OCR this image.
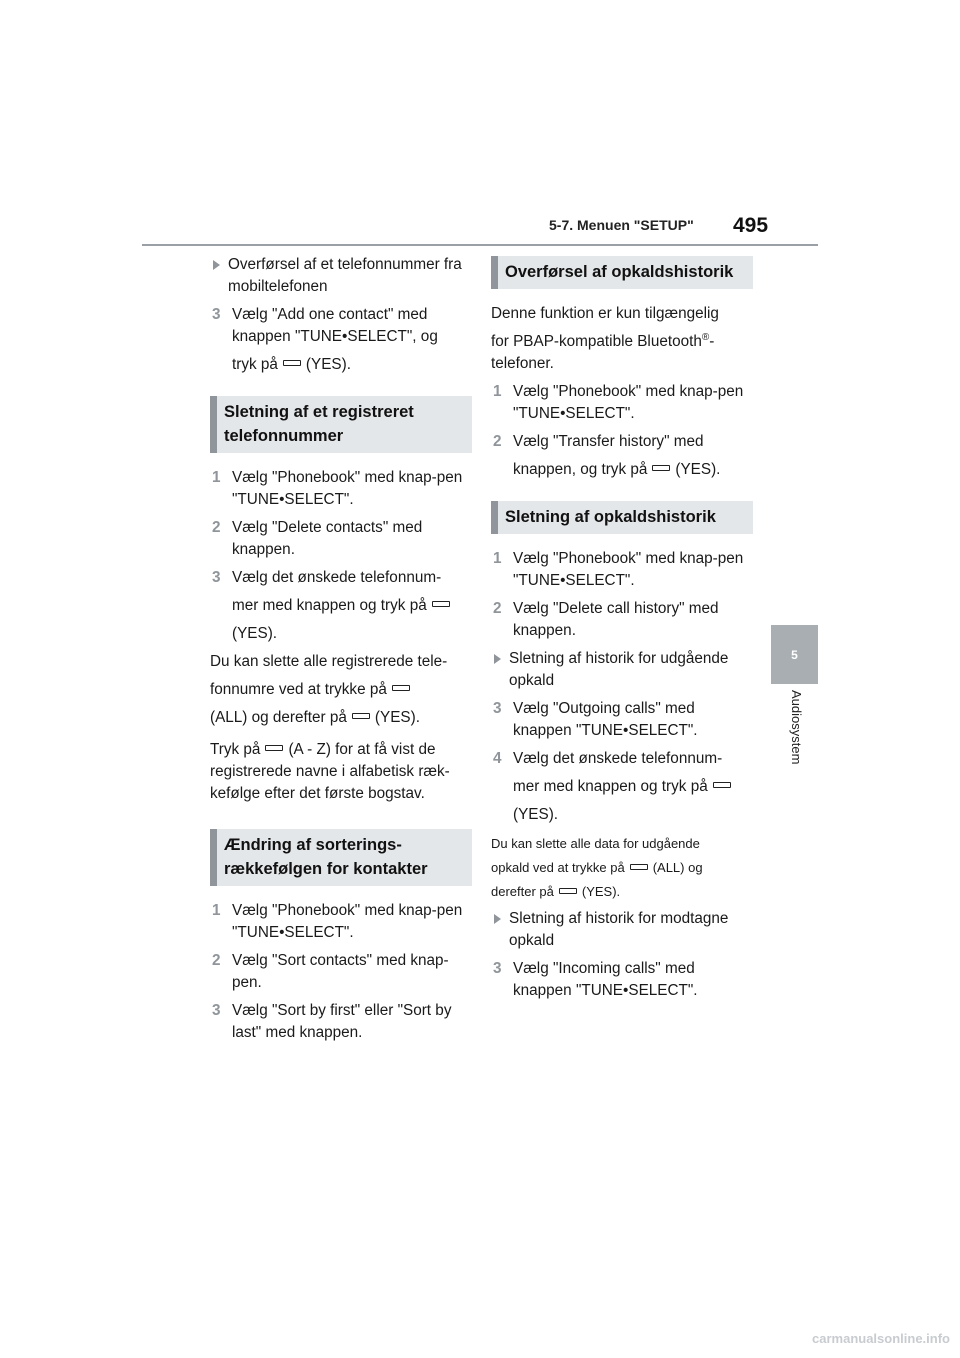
5-7. Menuen "SETUP" 495
5
Audiosystem
Overførsel af et telefonnummer fra mobiltelefonen
3 Vælg "Add one contact" med knappen "TUNE•SELECT", og
tryk på (YES).
Sletning af et registreret telefonnummer
1 Vælg "Phonebook" med knap-pen "TUNE•SELECT".
2 Vælg "Delete contacts" med knappen.
3 Vælg det ønskede telefonnum-
mer med knappen og tryk på
(YES).
Du kan slette alle registrerede tele-
fonnumre ved at trykke på
(ALL) og derefter på (YES).
Tryk på (A - Z) for at få vist de
registrerede navne i alfabetisk ræk-kefølge efter det første bogstav.
Ændring af sorterings-rækkefølgen for kontakter
1 Vælg "Phonebook" med knap-pen "TUNE•SELECT".
2 Vælg "Sort contacts" med knap-pen.
3 Vælg "Sort by first" eller "Sort by last" med knappen.
Overførsel af opkaldshistorik
Denne funktion er kun tilgængelig
for PBAP-kompatible Bluetooth®-
telefoner.
1 Vælg "Phonebook" med knap-pen "TUNE•SELECT".
2 Vælg "Transfer history" med
knappen, og tryk på (YES).
Sletning af opkaldshistorik
1 Vælg "Phonebook" med knap-pen "TUNE•SELECT".
2 Vælg "Delete call history" med knappen.
Sletning af historik for udgående opkald
3 Vælg "Outgoing calls" med knappen "TUNE•SELECT".
4 Vælg det ønskede telefonnum-
mer med knappen og tryk på
(YES).
Du kan slette alle data for udgående
opkald ved at trykke på (ALL) og
derefter på (YES).
Sletning af historik for modtagne opkald
3 Vælg "Incoming calls" med knappen "TUNE•SELECT".
carmanualsonline.info
